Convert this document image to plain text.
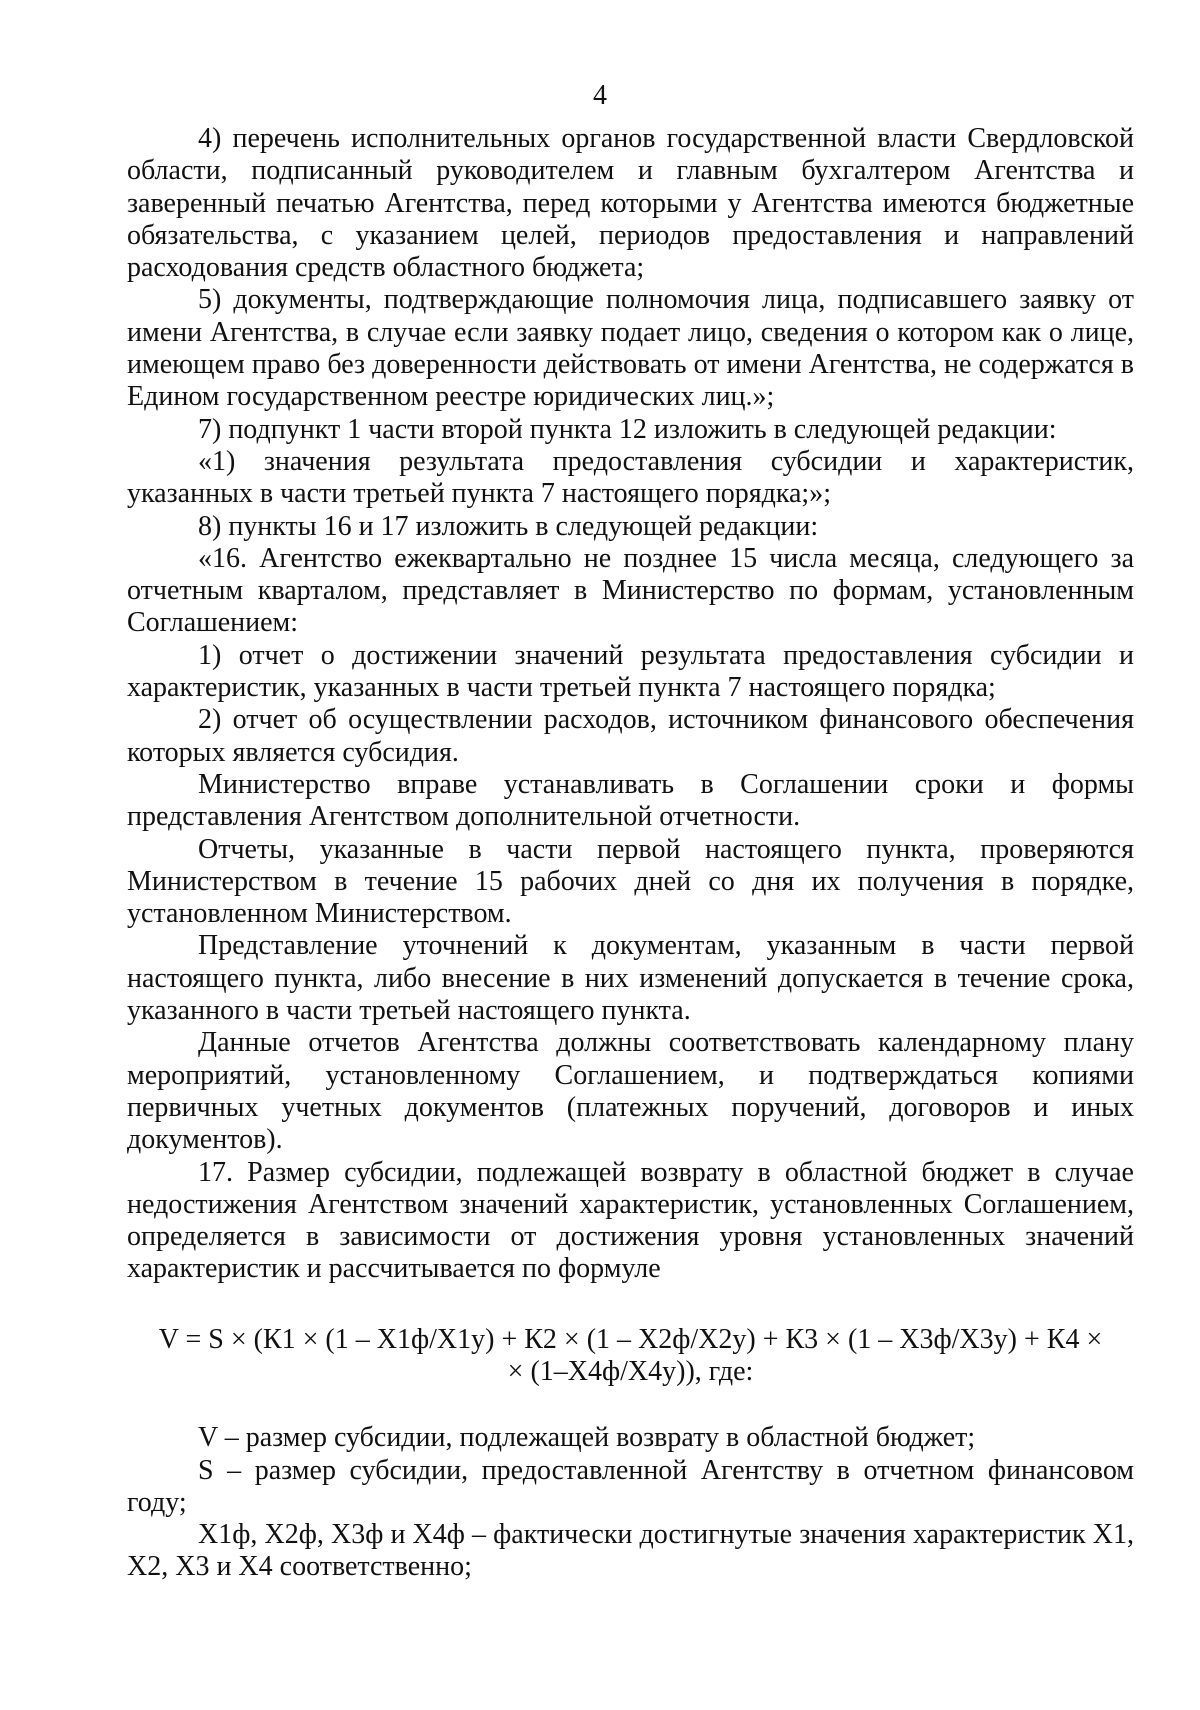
4

4) перечень исполнительных органов государственной власти Свердловской области, подписанный руководителем и главным бухгалтером Агентства и заверенный печатью Агентства, перед которыми у Агентства имеются бюджетные обязательства, с указанием целей, периодов предоставления и направлений расходования средств областного бюджета;

5) документы, подтверждающие полномочия лица, подписавшего заявку от имени Агентства, в случае если заявку подает лицо, сведения о котором как о лице, имеющем право без доверенности действовать от имени Агентства, не содержатся в Едином государственном реестре юридических лиц.»;

7) подпункт 1 части второй пункта 12 изложить в следующей редакции:

«1) значения результата предоставления субсидии и характеристик, указанных в части третьей пункта 7 настоящего порядка;»;

8) пункты 16 и 17 изложить в следующей редакции:

«16. Агентство ежеквартально не позднее 15 числа месяца, следующего за отчетным кварталом, представляет в Министерство по формам, установленным Соглашением:

1) отчет о достижении значений результата предоставления субсидии и характеристик, указанных в части третьей пункта 7 настоящего порядка;

2) отчет об осуществлении расходов, источником финансового обеспечения которых является субсидия.

Министерство вправе устанавливать в Соглашении сроки и формы представления Агентством дополнительной отчетности.

Отчеты, указанные в части первой настоящего пункта, проверяются Министерством в течение 15 рабочих дней со дня их получения в порядке, установленном Министерством.

Представление уточнений к документам, указанным в части первой настоящего пункта, либо внесение в них изменений допускается в течение срока, указанного в части третьей настоящего пункта.

Данные отчетов Агентства должны соответствовать календарному плану мероприятий, установленному Соглашением, и подтверждаться копиями первичных учетных документов (платежных поручений, договоров и иных документов).

17. Размер субсидии, подлежащей возврату в областной бюджет в случае недостижения Агентством значений характеристик, установленных Соглашением, определяется в зависимости от достижения уровня установленных значений характеристик и рассчитывается по формуле

V = S × (К1 × (1 – Х1ф/Х1у) + К2 × (1 – Х2ф/Х2у) + К3 × (1 – Х3ф/Х3у) + К4 ×
× (1–Х4ф/Х4у)), где:

V – размер субсидии, подлежащей возврату в областной бюджет;

S – размер субсидии, предоставленной Агентству в отчетном финансовом году;

Х1ф, Х2ф, Х3ф и Х4ф – фактически достигнутые значения характеристик Х1, Х2, Х3 и Х4 соответственно;
